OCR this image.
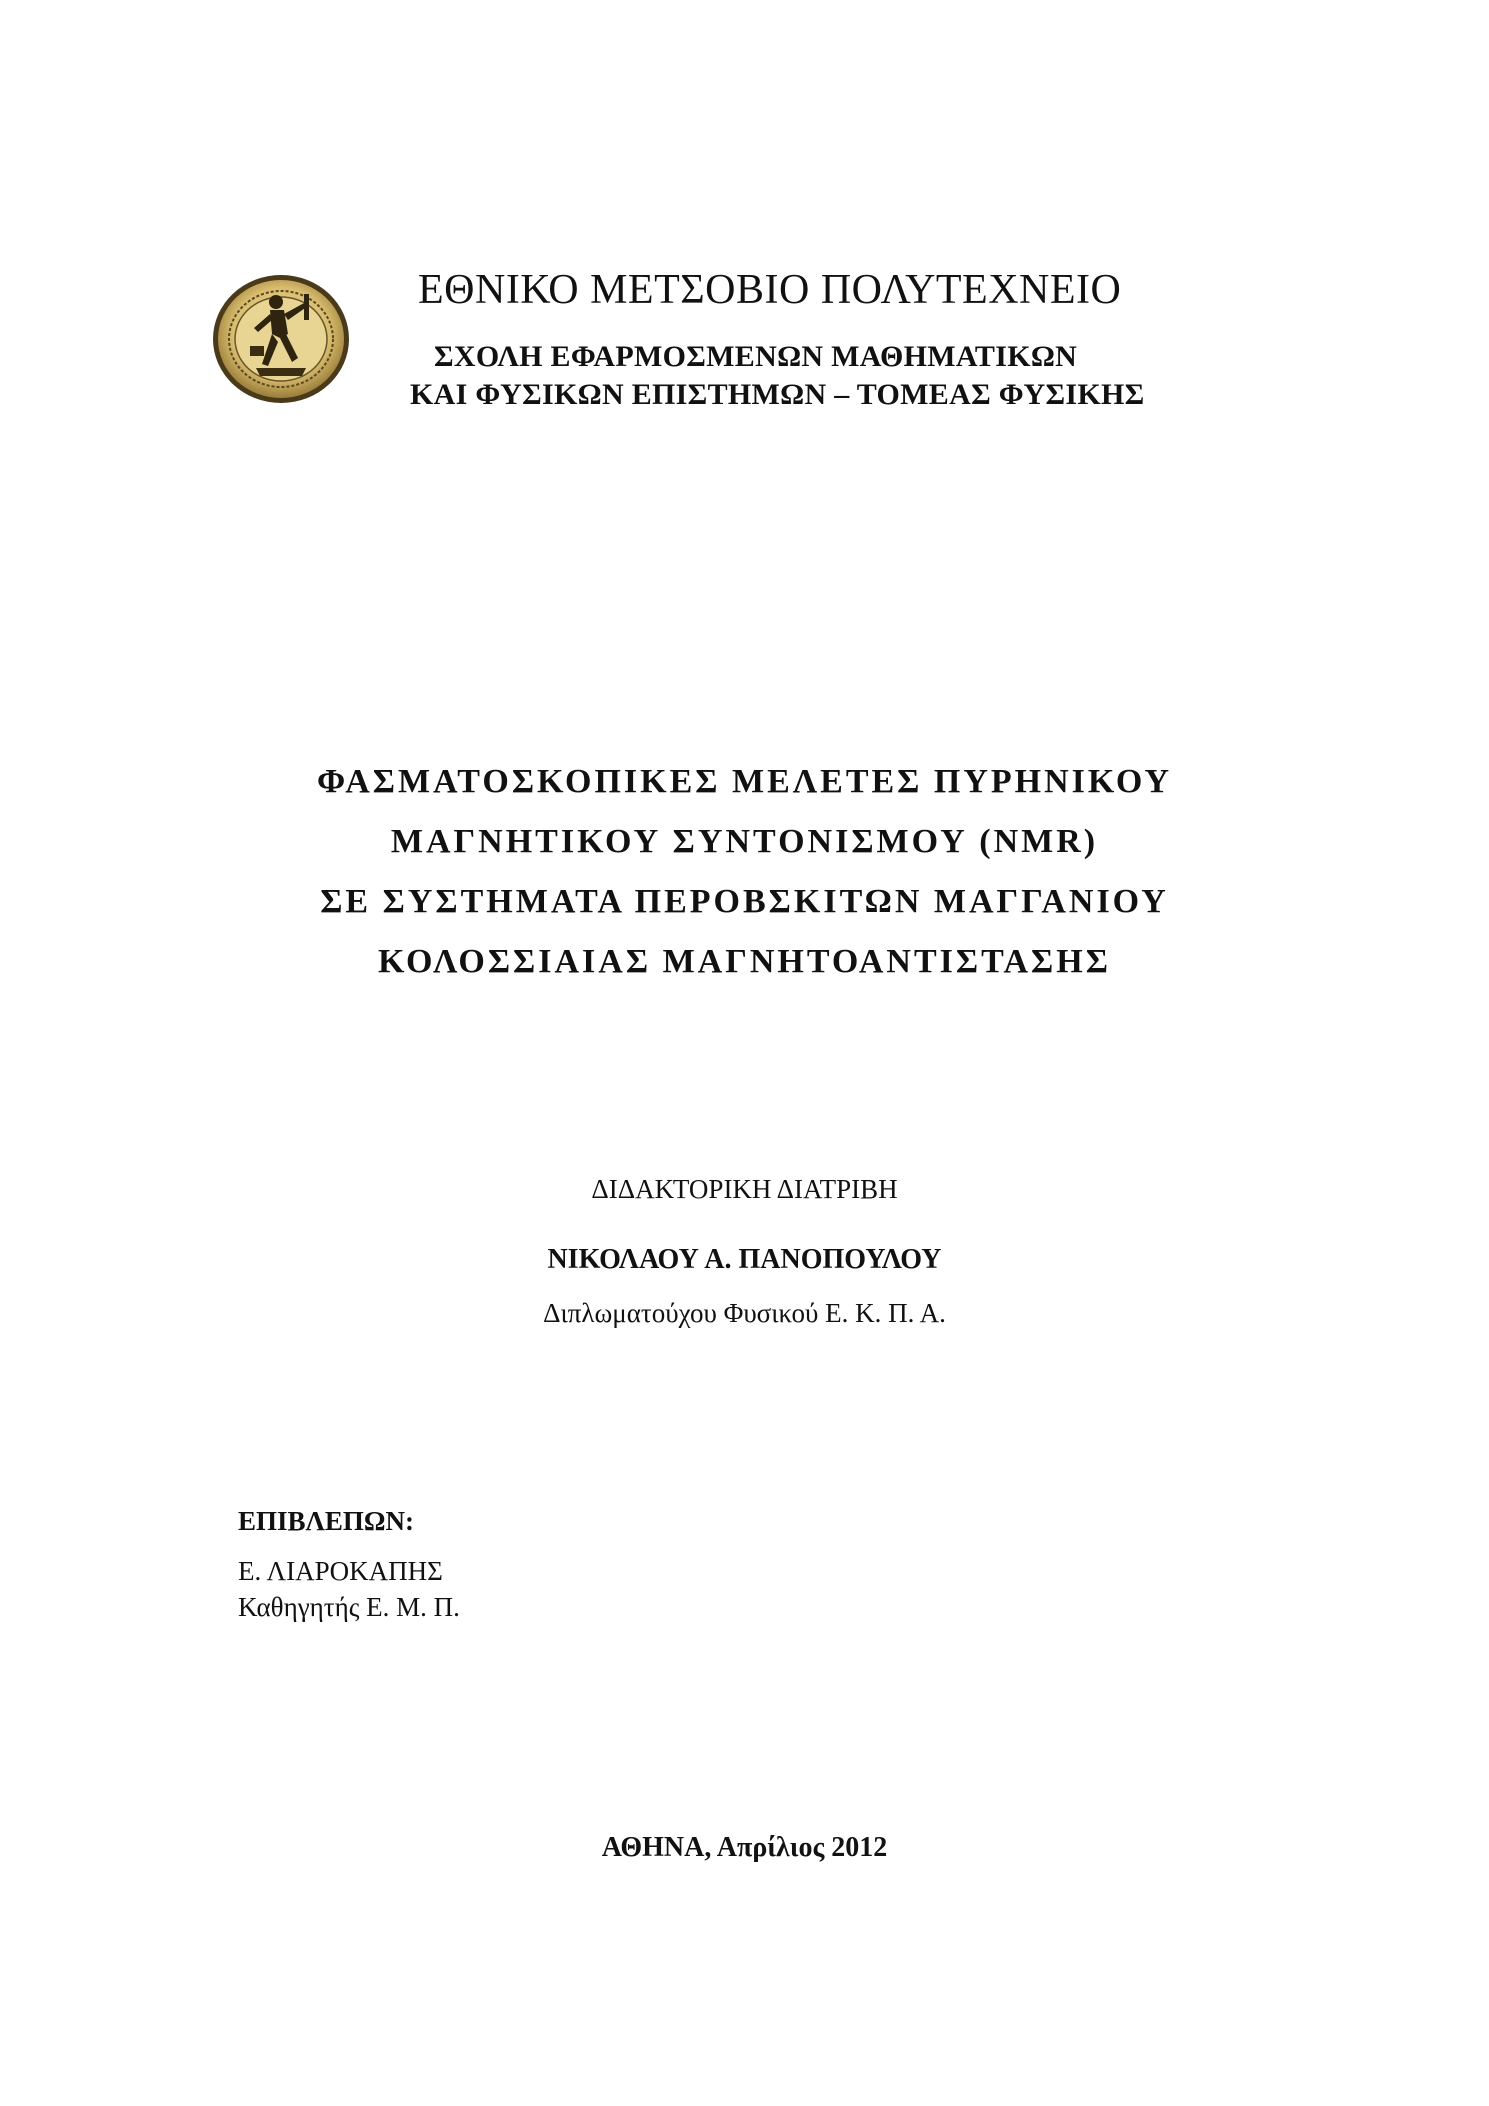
ΕΘΝΙΚΟ ΜΕΤΣΟΒΙΟ ΠΟΛΥΤΕΧΝΕΙΟ

ΣΧΟΛΗ ΕΦΑΡΜΟΣΜΕΝΩΝ ΜΑΘΗΜΑΤΙΚΩΝ

ΚΑΙ ΦΥΣΙΚΩΝ ΕΠΙΣΤΗΜΩΝ – ΤΟΜΕΑΣ ΦΥΣΙΚΗΣ

ΦΑΣΜΑΤΟΣΚΟΠΙΚΕΣ ΜΕΛΕΤΕΣ ΠΥΡΗΝΙΚΟΥ

ΜΑΓΝΗΤΙΚΟΥ ΣΥΝΤΟΝΙΣΜΟΥ (NMR)

ΣΕ ΣΥΣΤΗΜΑΤΑ ΠΕΡΟΒΣΚΙΤΩΝ ΜΑΓΓΑΝΙΟΥ

ΚΟΛΟΣΣΙΑΙΑΣ ΜΑΓΝΗΤΟΑΝΤΙΣΤΑΣΗΣ

ΔΙΔΑΚΤΟΡΙΚΗ ΔΙΑΤΡΙΒΗ

ΝΙΚΟΛΑΟΥ Α. ΠΑΝΟΠΟΥΛΟΥ

Διπλωματούχου Φυσικού Ε. Κ. Π. Α.

ΕΠΙΒΛΕΠΩΝ:

Ε. ΛΙΑΡΟΚΑΠΗΣ

Καθηγητής Ε. Μ. Π.

ΑΘΗΝΑ, Απρίλιος 2012
